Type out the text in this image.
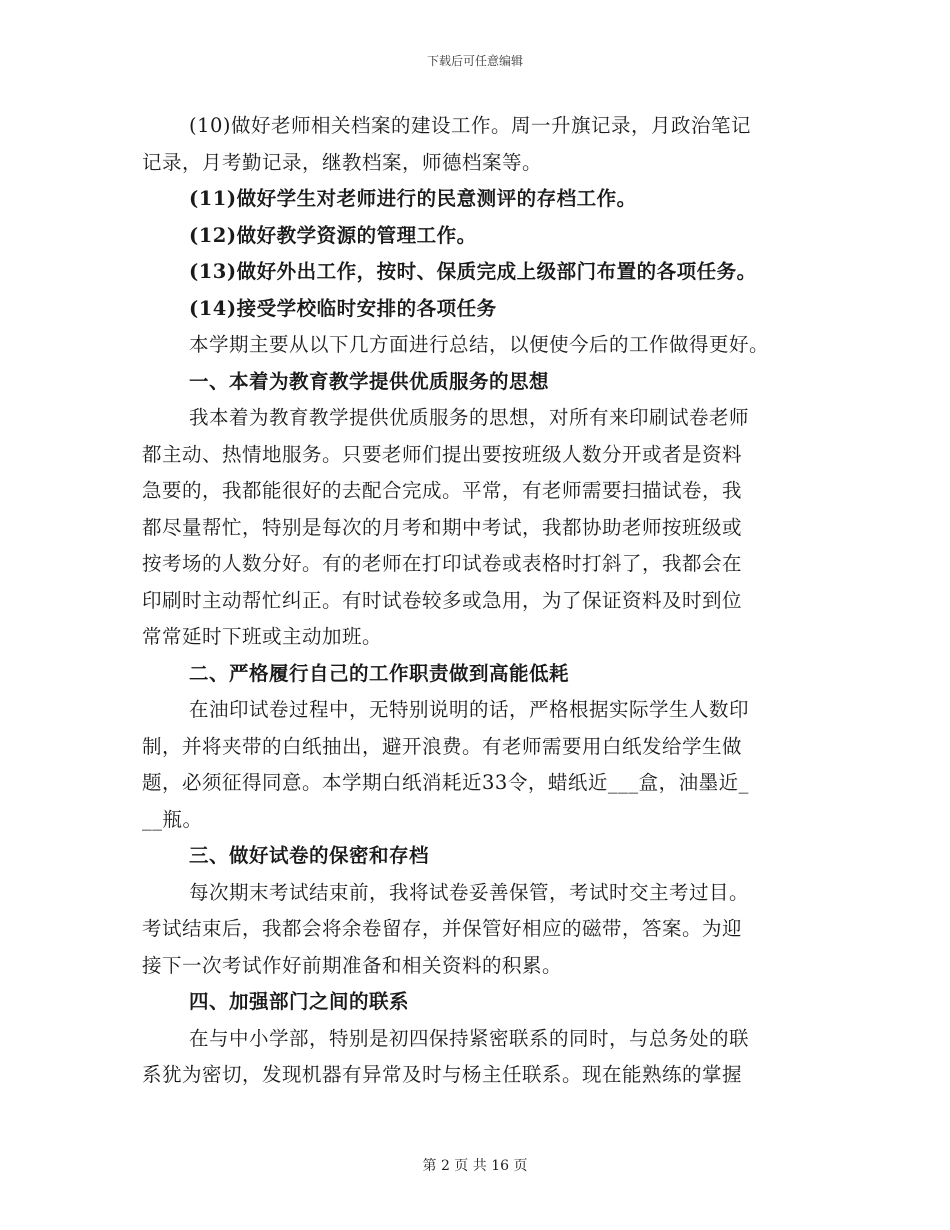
下载后可任意编辑
(10)做好老师相关档案的建设工作。周一升旗记录，月政治笔记
记录，月考勤记录，继教档案，师德档案等。
(11)做好学生对老师进行的民意测评的存档工作。
(12)做好教学资源的管理工作。
(13)做好外出工作，按时、保质完成上级部门布置的各项任务。
(14)接受学校临时安排的各项任务
本学期主要从以下几方面进行总结，以便使今后的工作做得更好。
一、本着为教育教学提供优质服务的思想
我本着为教育教学提供优质服务的思想，对所有来印刷试卷老师
都主动、热情地服务。只要老师们提出要按班级人数分开或者是资料
急要的，我都能很好的去配合完成。平常，有老师需要扫描试卷，我
都尽量帮忙，特别是每次的月考和期中考试，我都协助老师按班级或
按考场的人数分好。有的老师在打印试卷或表格时打斜了，我都会在
印刷时主动帮忙纠正。有时试卷较多或急用，为了保证资料及时到位
常常延时下班或主动加班。
二、严格履行自己的工作职责做到高能低耗
在油印试卷过程中，无特别说明的话，严格根据实际学生人数印
制，并将夹带的白纸抽出，避开浪费。有老师需要用白纸发给学生做
题，必须征得同意。本学期白纸消耗近33令，蜡纸近___盒，油墨近_
__瓶。
三、做好试卷的保密和存档
每次期末考试结束前，我将试卷妥善保管，考试时交主考过目。
考试结束后，我都会将余卷留存，并保管好相应的磁带，答案。为迎
接下一次考试作好前期准备和相关资料的积累。
四、加强部门之间的联系
在与中小学部，特别是初四保持紧密联系的同时，与总务处的联
系犹为密切，发现机器有异常及时与杨主任联系。现在能熟练的掌握
第 2 页 共 16 页
